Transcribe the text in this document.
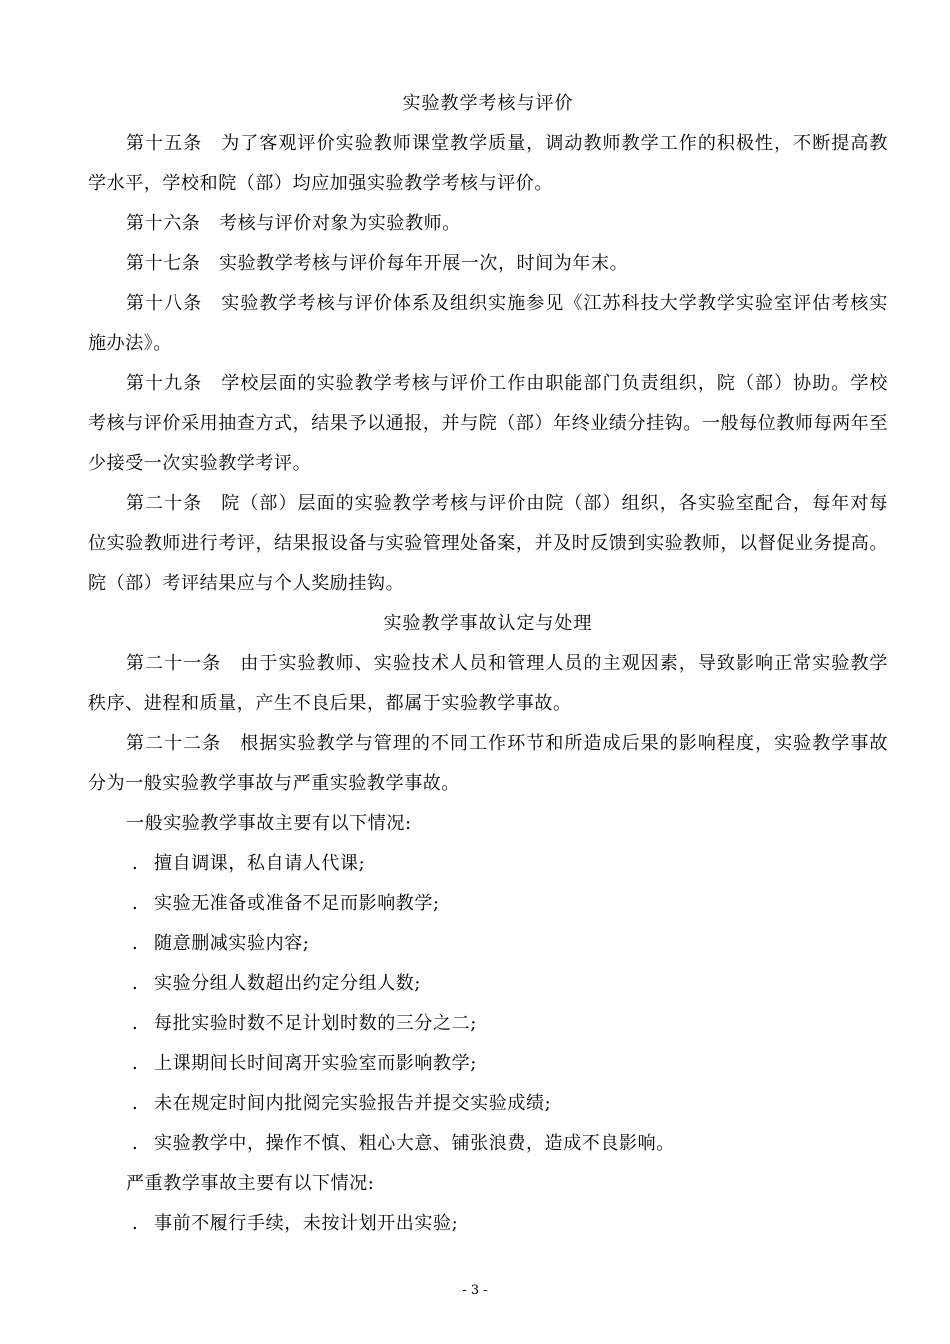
实验教学考核与评价

第十五条　为了客观评价实验教师课堂教学质量，调动教师教学工作的积极性，不断提高教学水平，学校和院（部）均应加强实验教学考核与评价。

第十六条　考核与评价对象为实验教师。

第十七条　实验教学考核与评价每年开展一次，时间为年末。

第十八条　实验教学考核与评价体系及组织实施参见《江苏科技大学教学实验室评估考核实施办法》。

第十九条　学校层面的实验教学考核与评价工作由职能部门负责组织，院（部）协助。学校考核与评价采用抽查方式，结果予以通报，并与院（部）年终业绩分挂钩。一般每位教师每两年至少接受一次实验教学考评。

第二十条　院（部）层面的实验教学考核与评价由院（部）组织，各实验室配合，每年对每位实验教师进行考评，结果报设备与实验管理处备案，并及时反馈到实验教师，以督促业务提高。院（部）考评结果应与个人奖励挂钩。

实验教学事故认定与处理

第二十一条　由于实验教师、实验技术人员和管理人员的主观因素，导致影响正常实验教学秩序、进程和质量，产生不良后果，都属于实验教学事故。

第二十二条　根据实验教学与管理的不同工作环节和所造成后果的影响程度，实验教学事故分为一般实验教学事故与严重实验教学事故。

一般实验教学事故主要有以下情况:

. 擅自调课，私自请人代课;

. 实验无准备或准备不足而影响教学;

. 随意删减实验内容;

. 实验分组人数超出约定分组人数;

. 每批实验时数不足计划时数的三分之二;

. 上课期间长时间离开实验室而影响教学;

. 未在规定时间内批阅完实验报告并提交实验成绩;

. 实验教学中，操作不慎、粗心大意、铺张浪费，造成不良影响。

严重教学事故主要有以下情况:

. 事前不履行手续，未按计划开出实验;

- 3 -
